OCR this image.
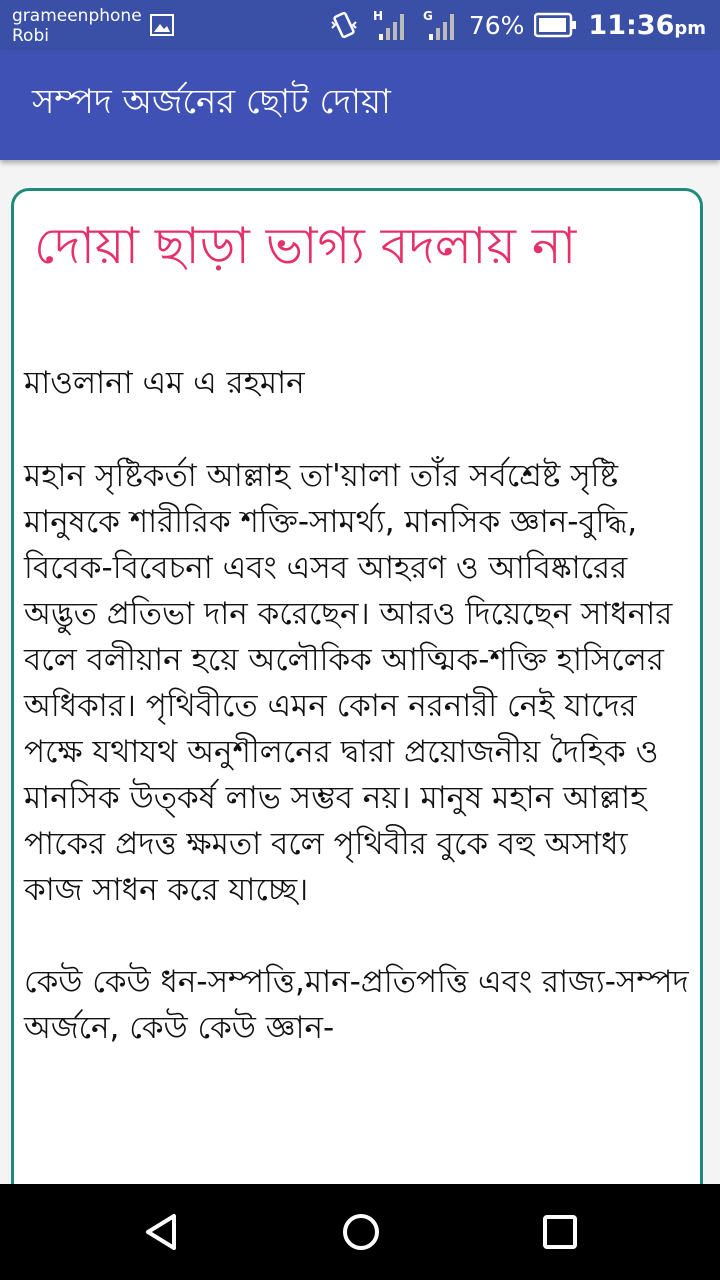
grameenphone
Robi
H	G 76% 11:36pm
সম্পদ অর্জনের ছোট দোয়া
দোয়া ছাড়া ভাগ্য বদলায় না
মাওলানা এম এ রহমান

মহান সৃষ্টিকর্তা আল্লাহ তা'য়ালা তাঁর সর্বশ্রেষ্ট সৃষ্টি মানুষকে শারীরিক শক্তি-সামর্থ্য, মানসিক জ্ঞান-বুদ্ধি, বিবেক-বিবেচনা এবং এসব আহরণ ও আবিষ্কারের অদ্ভুত প্রতিভা দান করেছেন। আরও দিয়েছেন সাধনার বলে বলীয়ান হয়ে অলৌকিক আত্মিক-শক্তি হাসিলের অধিকার। পৃথিবীতে এমন কোন নরনারী নেই যাদের পক্ষে যথাযথ অনুশীলনের দ্বারা প্রয়োজনীয় দৈহিক ও মানসিক উত্কর্ষ লাভ সম্ভব নয়। মানুষ মহান আল্লাহ পাকের প্রদত্ত ক্ষমতা বলে পৃথিবীর বুকে বহু অসাধ্য কাজ সাধন করে যাচ্ছে।

কেউ কেউ ধন-সম্পত্তি,মান-প্রতিপত্তি এবং রাজ্য-সম্পদ অর্জনে, কেউ কেউ জ্ঞান-
